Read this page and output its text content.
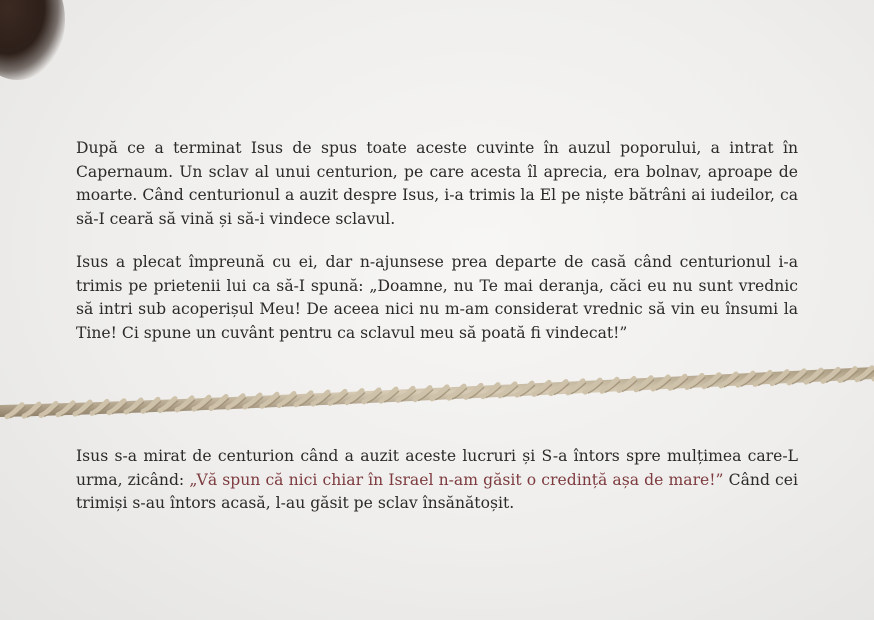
După ce a terminat Isus de spus toate aceste cuvinte în auzul poporului, a intrat în Capernaum. Un sclav al unui centurion, pe care acesta îl aprecia, era bolnav, aproape de moarte. Când centurionul a auzit despre Isus, i-a trimis la El pe niște bătrâni ai iudeilor, ca să-I ceară să vină și să-i vindece sclavul.

Isus a plecat împreună cu ei, dar n-ajunsese prea departe de casă când centurionul i-a trimis pe prietenii lui ca să-I spună: „Doamne, nu Te mai deranja, căci eu nu sunt vrednic să intri sub acoperișul Meu! De aceea nici nu m-am considerat vrednic să vin eu însumi la Tine! Ci spune un cuvânt pentru ca sclavul meu să poată fi vindecat!”

Isus s-a mirat de centurion când a auzit aceste lucruri și S-a întors spre mulțimea care-L urma, zicând: „Vă spun că nici chiar în Israel n-am găsit o credință așa de mare!” Când cei trimiși s-au întors acasă, l-au găsit pe sclav însănătoșit.
